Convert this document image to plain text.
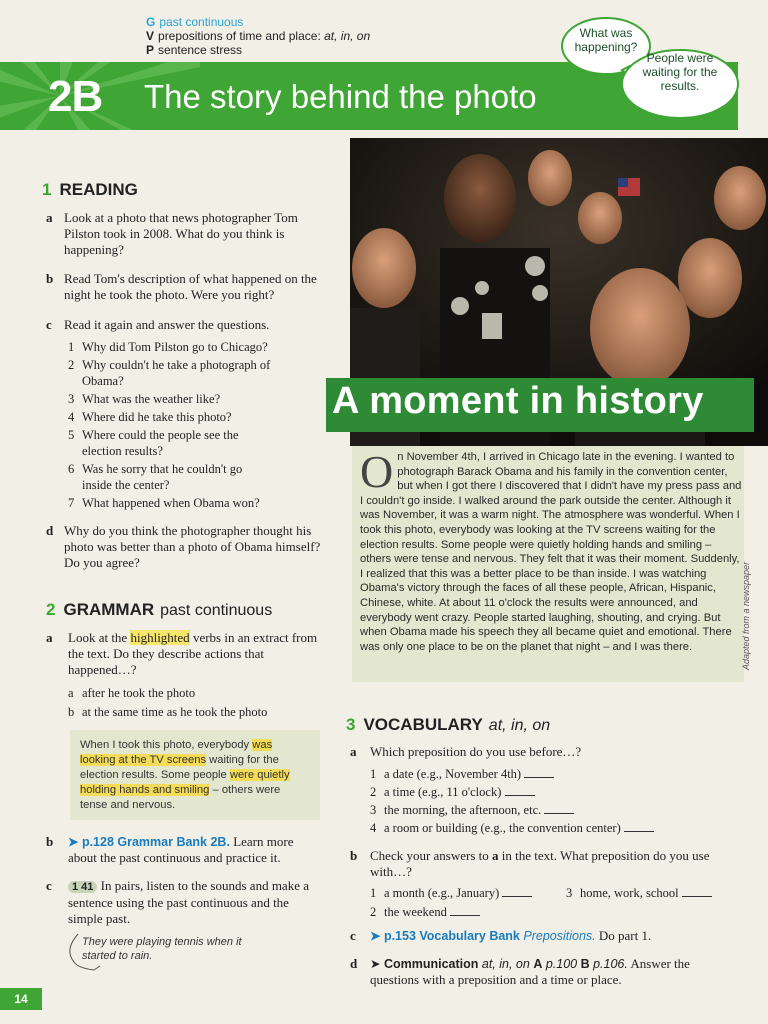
G past continuous
V prepositions of time and place: at, in, on
P sentence stress
2B The story behind the photo
What was happening?
People were waiting for the results.
1 READING
a Look at a photo that news photographer Tom Pilston took in 2008. What do you think is happening?
b Read Tom's description of what happened on the night he took the photo. Were you right?
c Read it again and answer the questions.
1 Why did Tom Pilston go to Chicago?
2 Why couldn't he take a photograph of Obama?
3 What was the weather like?
4 Where did he take this photo?
5 Where could the people see the election results?
6 Was he sorry that he couldn't go inside the center?
7 What happened when Obama won?
d Why do you think the photographer thought his photo was better than a photo of Obama himself? Do you agree?
2 GRAMMAR past continuous
a Look at the highlighted verbs in an extract from the text. Do they describe actions that happened…?
a after he took the photo
b at the same time as he took the photo
When I took this photo, everybody was looking at the TV screens waiting for the election results. Some people were quietly holding hands and smiling – others were tense and nervous.
b ➤ p.128 Grammar Bank 2B. Learn more about the past continuous and practice it.
c	1 41 In pairs, listen to the sounds and make a sentence using the past continuous and the simple past.
They were playing tennis when it started to rain.
14
A moment in history
On November 4th, I arrived in Chicago late in the evening. I wanted to photograph Barack Obama and his family in the convention center, but when I got there I discovered that I didn't have my press pass and I couldn't go inside. I walked around the park outside the center. Although it was November, it was a warm night. The atmosphere was wonderful. When I took this photo, everybody was looking at the TV screens waiting for the election results. Some people were quietly holding hands and smiling – others were tense and nervous. They felt that it was their moment. Suddenly, I realized that this was a better place to be than inside. I was watching Obama's victory through the faces of all these people, African, Hispanic, Chinese, white. At about 11 o'clock the results were announced, and everybody went crazy. People started laughing, shouting, and crying. But when Obama made his speech they all became quiet and emotional. There was only one place to be on the planet that night – and I was there.	Adapted from a newspaper
3 VOCABULARY at, in, on
a Which preposition do you use before…?
1 a date (e.g., November 4th)
2 a time (e.g., 11 o'clock)
3 the morning, the afternoon, etc.
4 a room or building (e.g., the convention center)
b Check your answers to a in the text. What preposition do you use with…?
1 a month (e.g., January)	3 home, work, school
2 the weekend
c ➤ p.153 Vocabulary Bank Prepositions. Do part 1.
d ➤ Communication at, in, on A p.100 B p.106. Answer the questions with a preposition and a time or place.
